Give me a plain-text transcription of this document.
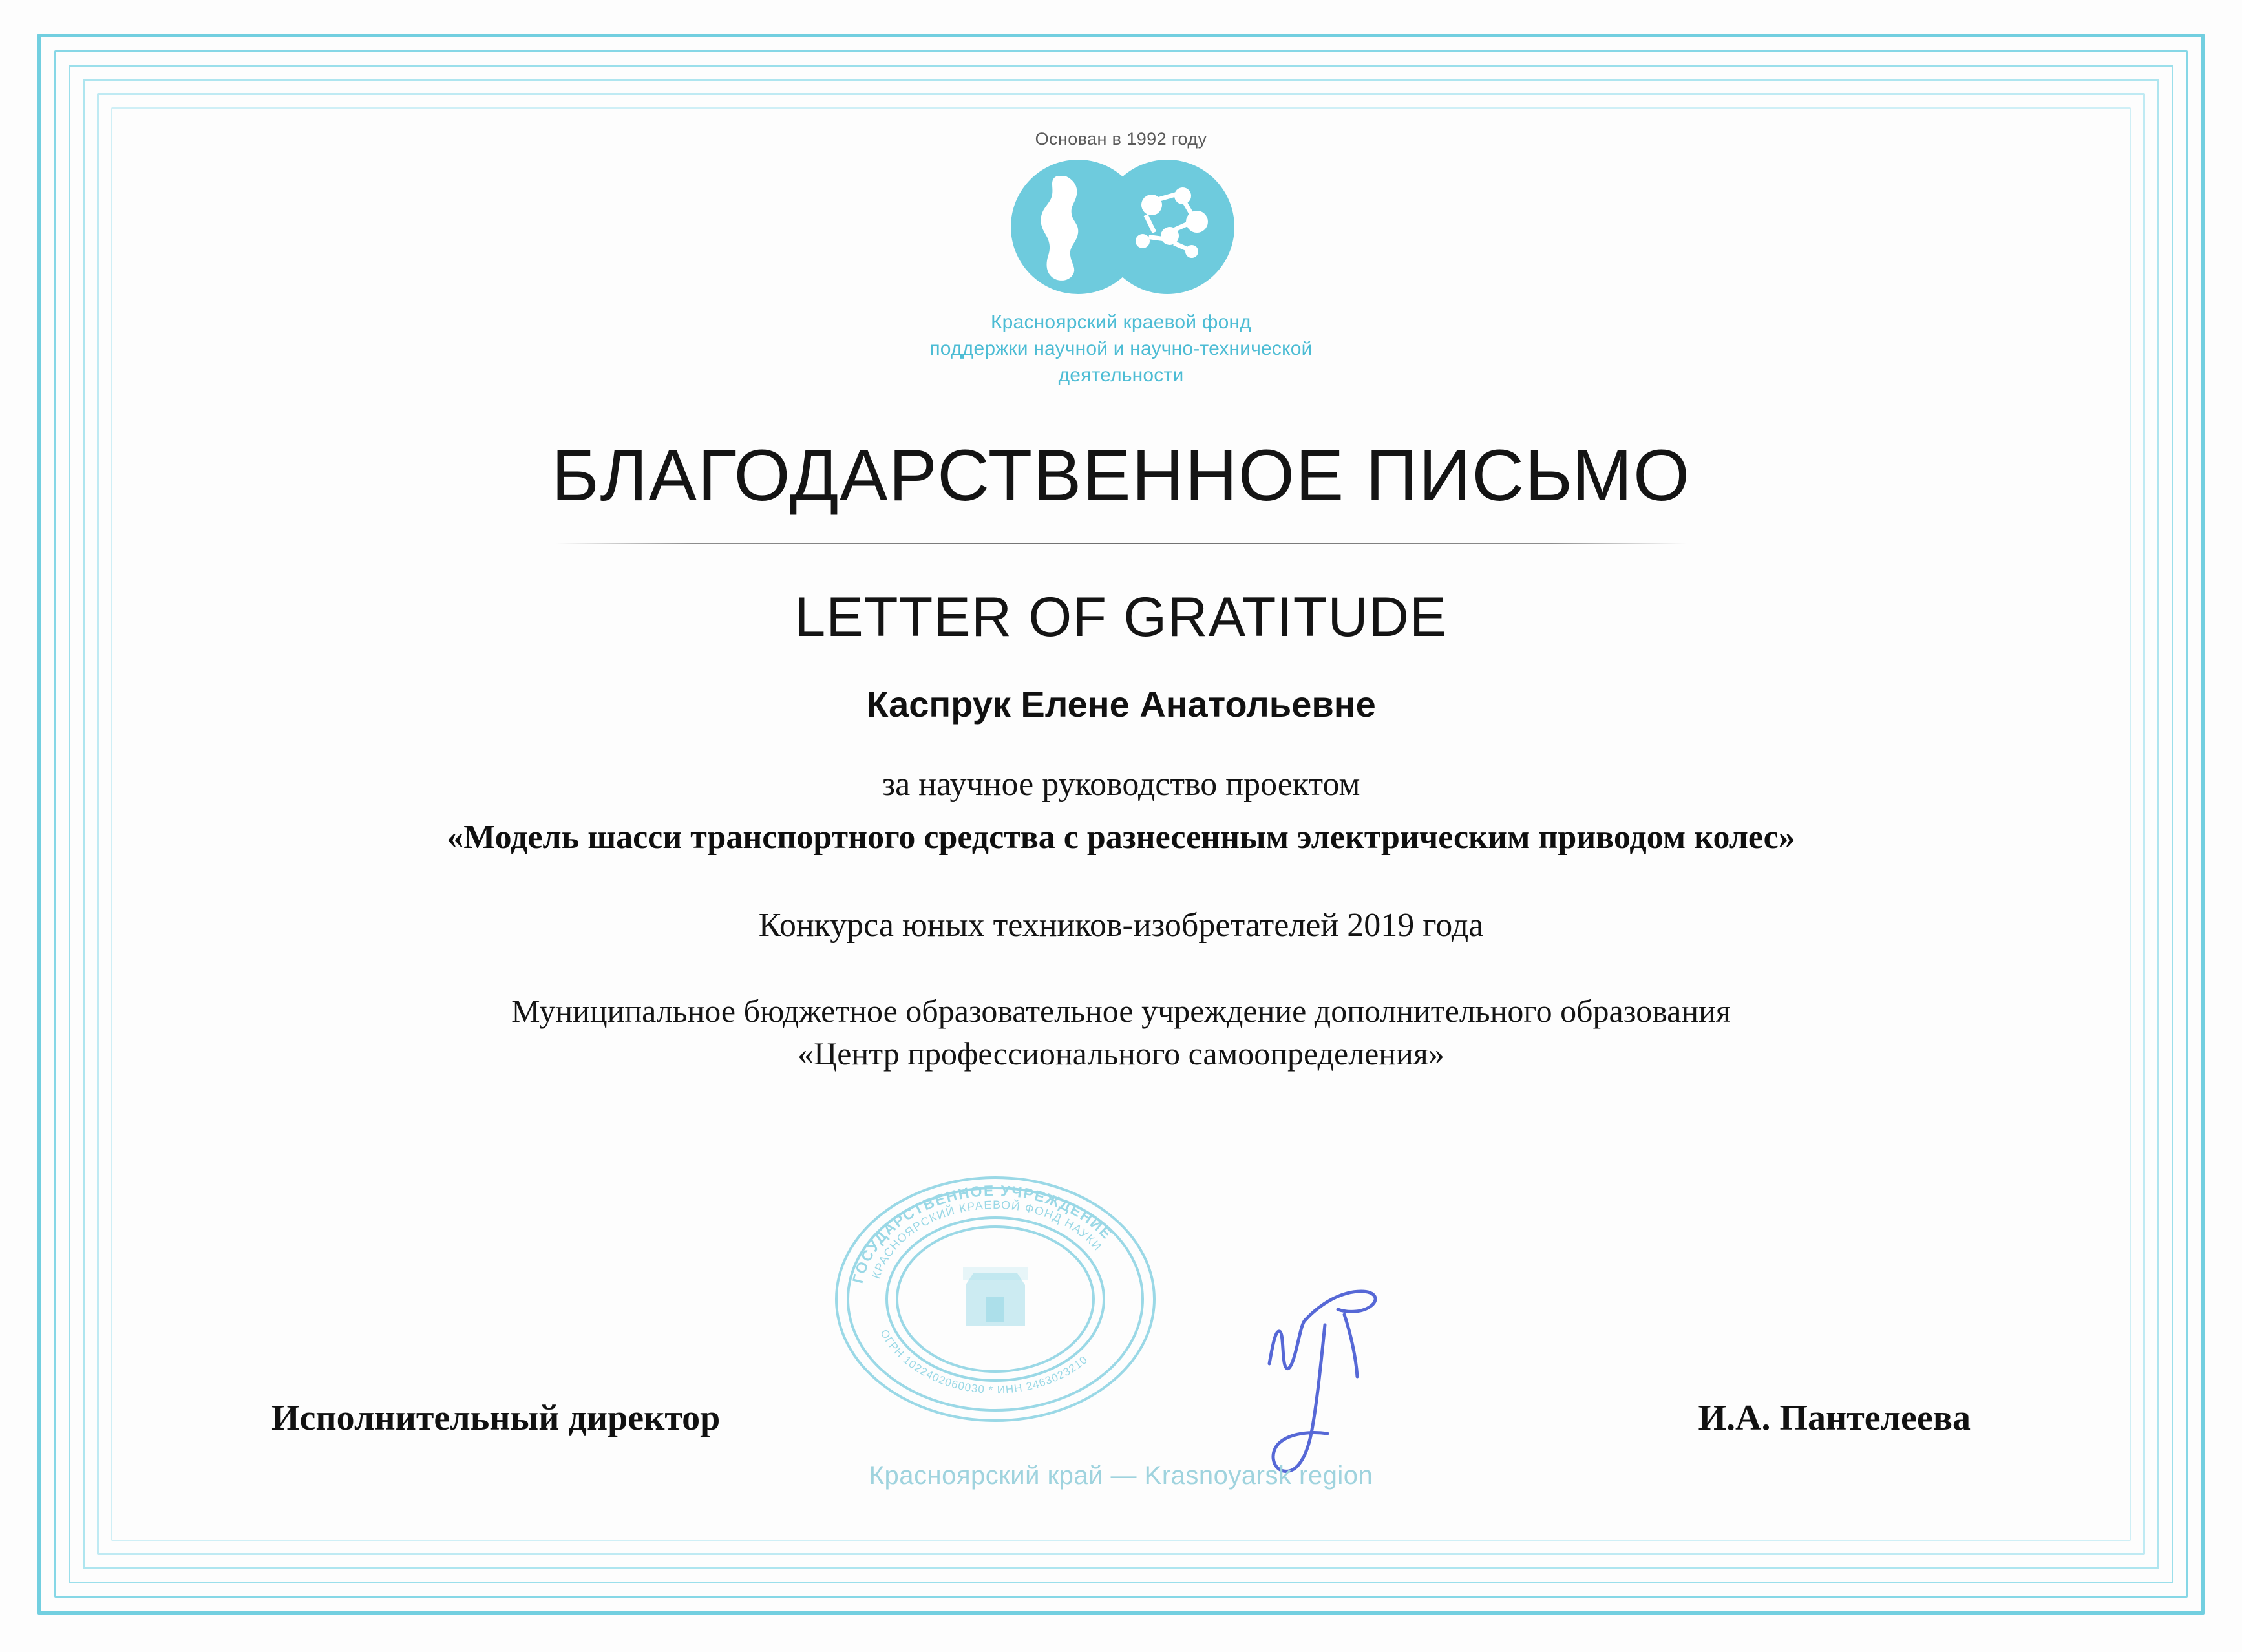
Основан в 1992 году
Красноярский краевой фонд
поддержки научной и научно-технической
деятельности
БЛАГОДАРСТВЕННОЕ ПИСЬМО
LETTER OF GRATITUDE
Каспрук Елене Анатольевне
за научное руководство проектом
«Модель шасси транспортного средства с разнесенным электрическим приводом колес»
Конкурса юных техников-изобретателей 2019 года
Муниципальное бюджетное образовательное учреждение дополнительного образования
«Центр профессионального самоопределения»
ГОСУДАРСТВЕННОЕ УЧРЕЖДЕНИЕ
КРАСНОЯРСКИЙ КРАЕВОЙ ФОНД НАУКИ
ОГРН 1022402060030 * ИНН 2463023210
Исполнительный директор	И.А. Пантелеева
Красноярский край — Krasnoyarsk region
